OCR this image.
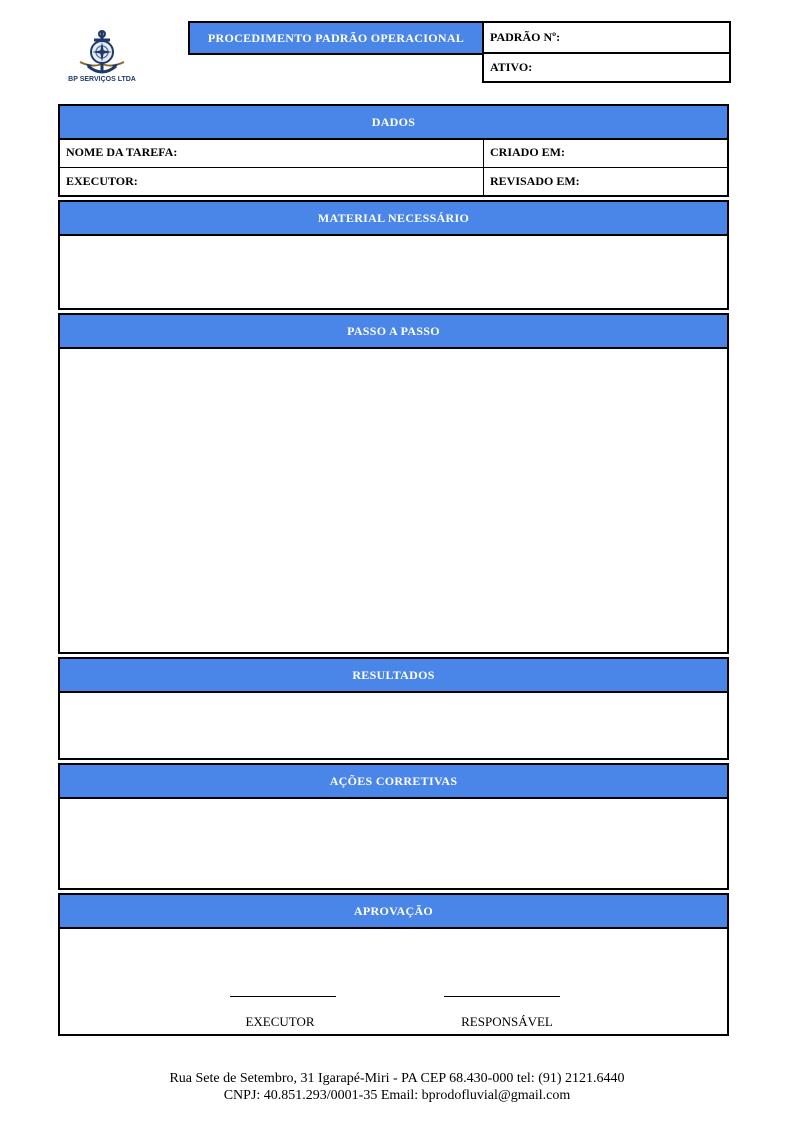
BP SERVIÇOS LTDA
PROCEDIMENTO PADRÃO OPERACIONAL	PADRÃO Nº:
ATIVO:
DADOS
NOME DA TAREFA:	CRIADO EM:
EXECUTOR:	REVISADO EM:
MATERIAL NECESSÁRIO
PASSO A PASSO
RESULTADOS
AÇÕES CORRETIVAS
APROVAÇÃO
EXECUTOR	RESPONSÁVEL
Rua Sete de Setembro, 31 Igarapé-Miri - PA CEP 68.430-000 tel: (91) 2121.6440
CNPJ: 40.851.293/0001-35 Email: bprodofluvial@gmail.com
